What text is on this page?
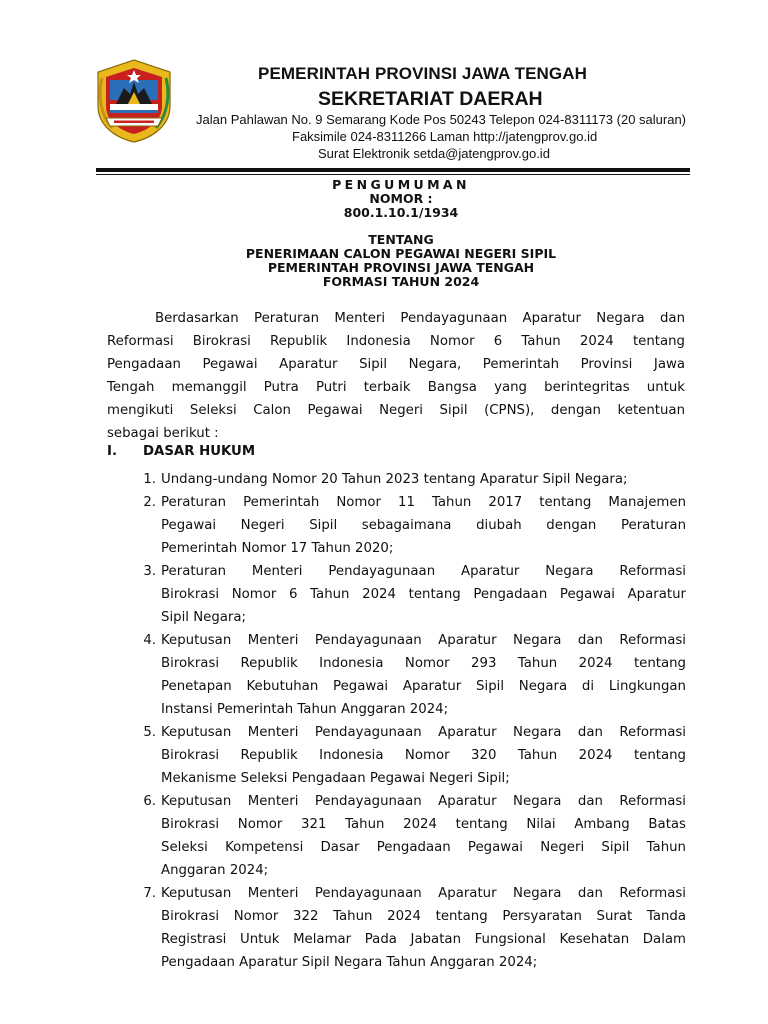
PEMERINTAH PROVINSI JAWA TENGAH
SEKRETARIAT DAERAH
Jalan Pahlawan No. 9 Semarang Kode Pos 50243 Telepon 024-8311173 (20 saluran)
Faksimile 024-8311266 Laman http://jatengprov.go.id
Surat Elektronik setda@jatengprov.go.id
PENGUMUMAN
NOMOR :
800.1.10.1/1934
TENTANG
PENERIMAAN CALON PEGAWAI NEGERI SIPIL
PEMERINTAH PROVINSI JAWA TENGAH
FORMASI TAHUN 2024
Berdasarkan Peraturan Menteri Pendayagunaan Aparatur Negara dan
Reformasi Birokrasi Republik Indonesia Nomor 6 Tahun 2024 tentang
Pengadaan Pegawai Aparatur Sipil Negara, Pemerintah Provinsi Jawa
Tengah memanggil Putra Putri terbaik Bangsa yang berintegritas untuk
mengikuti Seleksi Calon Pegawai Negeri Sipil (CPNS), dengan ketentuan
sebagai berikut :
I. DASAR HUKUM
1. Undang-undang Nomor 20 Tahun 2023 tentang Aparatur Sipil Negara;
2. Peraturan Pemerintah Nomor 11 Tahun 2017 tentang Manajemen
Pegawai Negeri Sipil sebagaimana diubah dengan Peraturan
Pemerintah Nomor 17 Tahun 2020;
3. Peraturan Menteri Pendayagunaan Aparatur Negara Reformasi
Birokrasi Nomor 6 Tahun 2024 tentang Pengadaan Pegawai Aparatur
Sipil Negara;
4. Keputusan Menteri Pendayagunaan Aparatur Negara dan Reformasi
Birokrasi Republik Indonesia Nomor 293 Tahun 2024 tentang
Penetapan Kebutuhan Pegawai Aparatur Sipil Negara di Lingkungan
Instansi Pemerintah Tahun Anggaran 2024;
5. Keputusan Menteri Pendayagunaan Aparatur Negara dan Reformasi
Birokrasi Republik Indonesia Nomor 320 Tahun 2024 tentang
Mekanisme Seleksi Pengadaan Pegawai Negeri Sipil;
6. Keputusan Menteri Pendayagunaan Aparatur Negara dan Reformasi
Birokrasi Nomor 321 Tahun 2024 tentang Nilai Ambang Batas
Seleksi Kompetensi Dasar Pengadaan Pegawai Negeri Sipil Tahun
Anggaran 2024;
7. Keputusan Menteri Pendayagunaan Aparatur Negara dan Reformasi
Birokrasi Nomor 322 Tahun 2024 tentang Persyaratan Surat Tanda
Registrasi Untuk Melamar Pada Jabatan Fungsional Kesehatan Dalam
Pengadaan Aparatur Sipil Negara Tahun Anggaran 2024;
